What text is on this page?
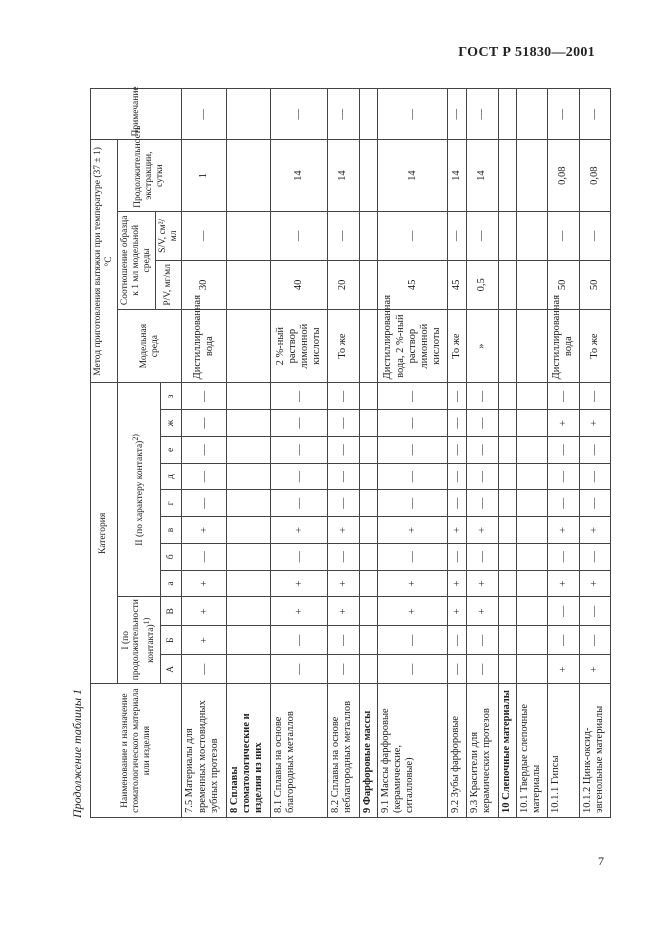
ГОСТ Р 51830—2001
Продолжение таблицы 1	Наименование и назначение стоматологического материала или изделия	Категория											Метод приготовления вытяжки при температуре (37 ± 1) °С				Примечание
	I (по продолжительности контакта)$^{1)}$			II (по характеру контакта)$^{2)}$								Модельная среда	Соотношение образца к 1 мл модельной среды		Продолжительность экстракции, сутки	
													P/V, мг/мл	S/V, см²/мл		
	А	Б	В	а	б	в	г	д	е	ж	з					
7.5 Материалы для временных мостовидных зубных протезов	—	+	+	+	—	+	—	—	—	—	—	Дистиллированная вода	30	—	1	—
8 Сплавы стоматологические и изделия из них																
8.1 Сплавы на основе благородных металлов	—	—	+	+	—	+	—	—	—	—	—	2 %-ный раствор лимонной кислоты	40	—	14	—
8.2 Сплавы на основе неблагородных металлов	—	—	+	+	—	+	—	—	—	—	—	То же	20	—	14	—
9 Фарфоровые массы																
9.1 Массы фарфоровые (керамические, ситалловые)	—	—	+	+	—	+	—	—	—	—	—	Дистиллированная вода, 2 %-ный раствор лимонной кислоты	45	—	14	—
9.2 Зубы фарфоровые	—	—	+	+	—	+	—	—	—	—	—	То же	45	—	14	—
9.3 Красители для керамических протезов	—	—	+	+	—	+	—	—	—	—	—	»	0,5	—	14	—
10 Слепочные материалы																
10.1 Твердые слепочные материалы																
10.1.1 Гипсы	+	—	—	+	—	+	—	—	—	+	—	Дистиллированная вода	50	—	0,08	—
10.1.2 Цинк-оксид-эвгенольные материалы	+	—	—	+	—	+	—	—	—	+	—	То же	50	—	0,08	—
7
